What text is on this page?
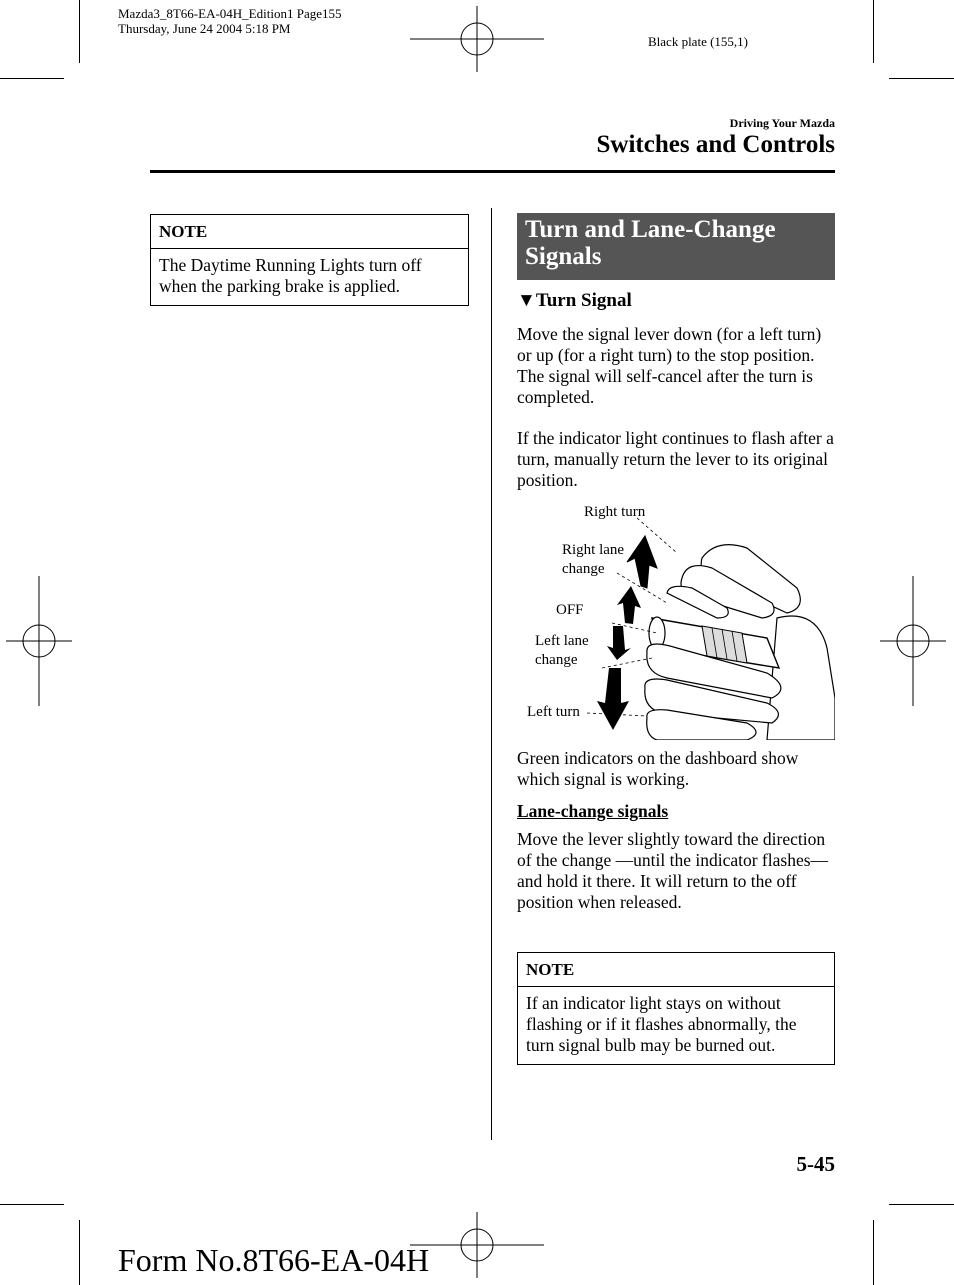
Mazda3_8T66-EA-04H_Edition1 Page155
Thursday, June 24 2004 5:18 PM
Black plate (155,1)
Driving Your Mazda
Switches and Controls
NOTE
The Daytime Running Lights turn off when the parking brake is applied.
Turn and Lane-Change Signals
▼Turn Signal
Move the signal lever down (for a left turn) or up (for a right turn) to the stop position. The signal will self-cancel after the turn is completed.
If the indicator light continues to flash after a turn, manually return the lever to its original position.
Right turn
Right lane
change
OFF
Left lane
change
Left turn
Green indicators on the dashboard show which signal is working.
Lane-change signals
Move the lever slightly toward the direction of the change —until the indicator flashes— and hold it there. It will return to the off position when released.
NOTE
If an indicator light stays on without flashing or if it flashes abnormally, the turn signal bulb may be burned out.
5-45
Form No.8T66-EA-04H
